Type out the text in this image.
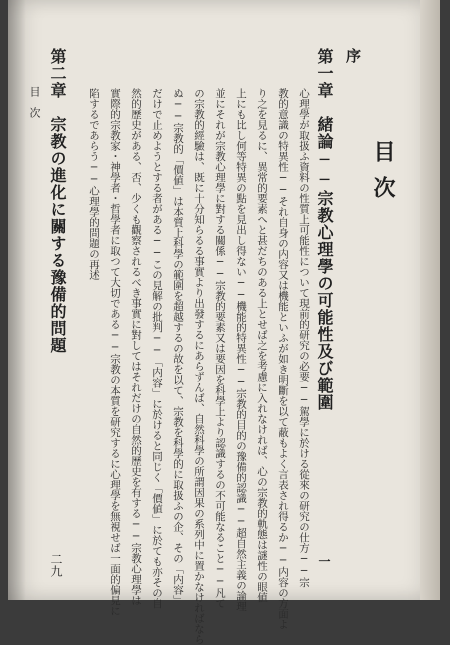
目次
序
第一章　緒論──宗教心理學の可能性及び範圍
一
心理學が取扱ふ資料の性質上可能性について現前的研究の必要──駕學に於ける從來の研究の仕方──宗
教的意識の特異性──それ自身の内容又は機能といふが如き明斷を以て蔽もよく言表され得るか──内容の方面よ
り之を見るに、異常的要素へと甚だちのある上とせば之を考慮に入れなければ、心の宗教的軌態は謎性の眼値
上にも比し何等特異の點を見出し得ない──機能的特異性──宗教的目的の豫備的認識──超自然主義の論理
並にそれが宗教心理學に對する關係──宗教的要素又は要因を科學上より認識するの不可能なること──凡て
の宗教的經驗は、既に十分知らるる事實より出發するにあらずんば、自然科學の所謂因果の系列中に置かなければなら
ぬ──宗教的「價値」は本質上科學の範圍を超越するの故を以て、宗教を科學的に取扱ふの企、その「内容」
だけで止めようとする者がある──この見解の批判──「内容」に於けると同じく「價値」に於ても亦その自
然的歷史がある、否、少くも觀察されるべき事實に對してはそれだけの自然的歷史を有する──宗教心理學は
實際的宗教家・神學者・哲學者に取つて大切である──宗教の本質を研究するに心理學を無視せば一面的偏見に
陷するであらう──心理學的問題の再述
第二章　宗教の進化に關する豫備的問題
二九
目次
